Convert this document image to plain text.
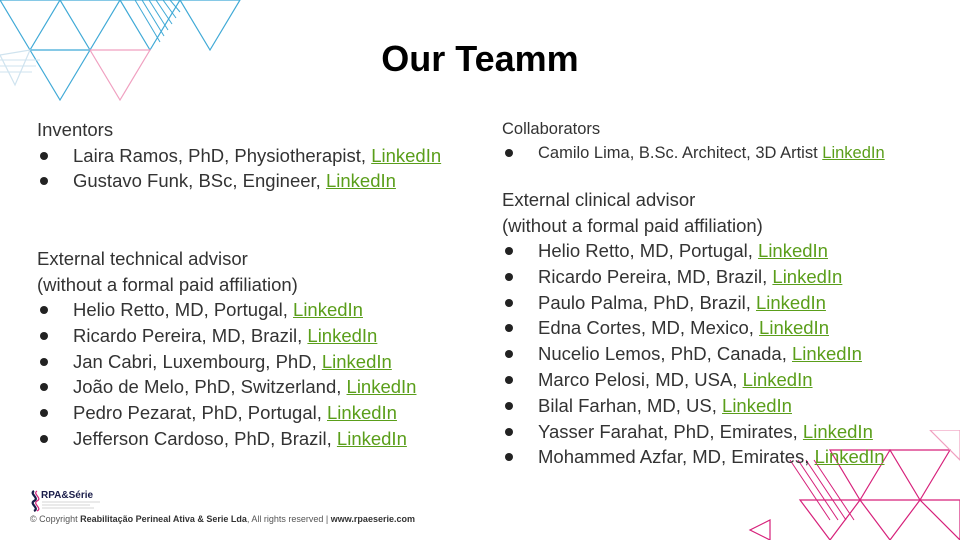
Our Teamm
Inventors
Laira Ramos, PhD, Physiotherapist, LinkedIn
Gustavo Funk, BSc, Engineer, LinkedIn
External technical advisor
(without a formal paid affiliation)
Helio Retto, MD, Portugal, LinkedIn
Ricardo Pereira, MD, Brazil, LinkedIn
Jan Cabri, Luxembourg, PhD, LinkedIn
João de Melo, PhD, Switzerland, LinkedIn
Pedro Pezarat, PhD, Portugal, LinkedIn
Jefferson Cardoso, PhD, Brazil, LinkedIn
Collaborators
Camilo Lima, B.Sc. Architect, 3D Artist LinkedIn
External clinical advisor
(without a formal paid affiliation)
Helio Retto, MD, Portugal, LinkedIn
Ricardo Pereira, MD, Brazil, LinkedIn
Paulo Palma, PhD, Brazil, LinkedIn
Edna Cortes, MD, Mexico, LinkedIn
Nucelio Lemos, PhD, Canada, LinkedIn
Marco Pelosi, MD, USA, LinkedIn
Bilal Farhan, MD, US, LinkedIn
Yasser Farahat, PhD, Emirates, LinkedIn
Mohammed Azfar, MD, Emirates, LinkedIn
RPA&Série
© Copyright Reabilitação Perineal Ativa & Serie Lda, All rights reserved | www.rpaeserie.com
